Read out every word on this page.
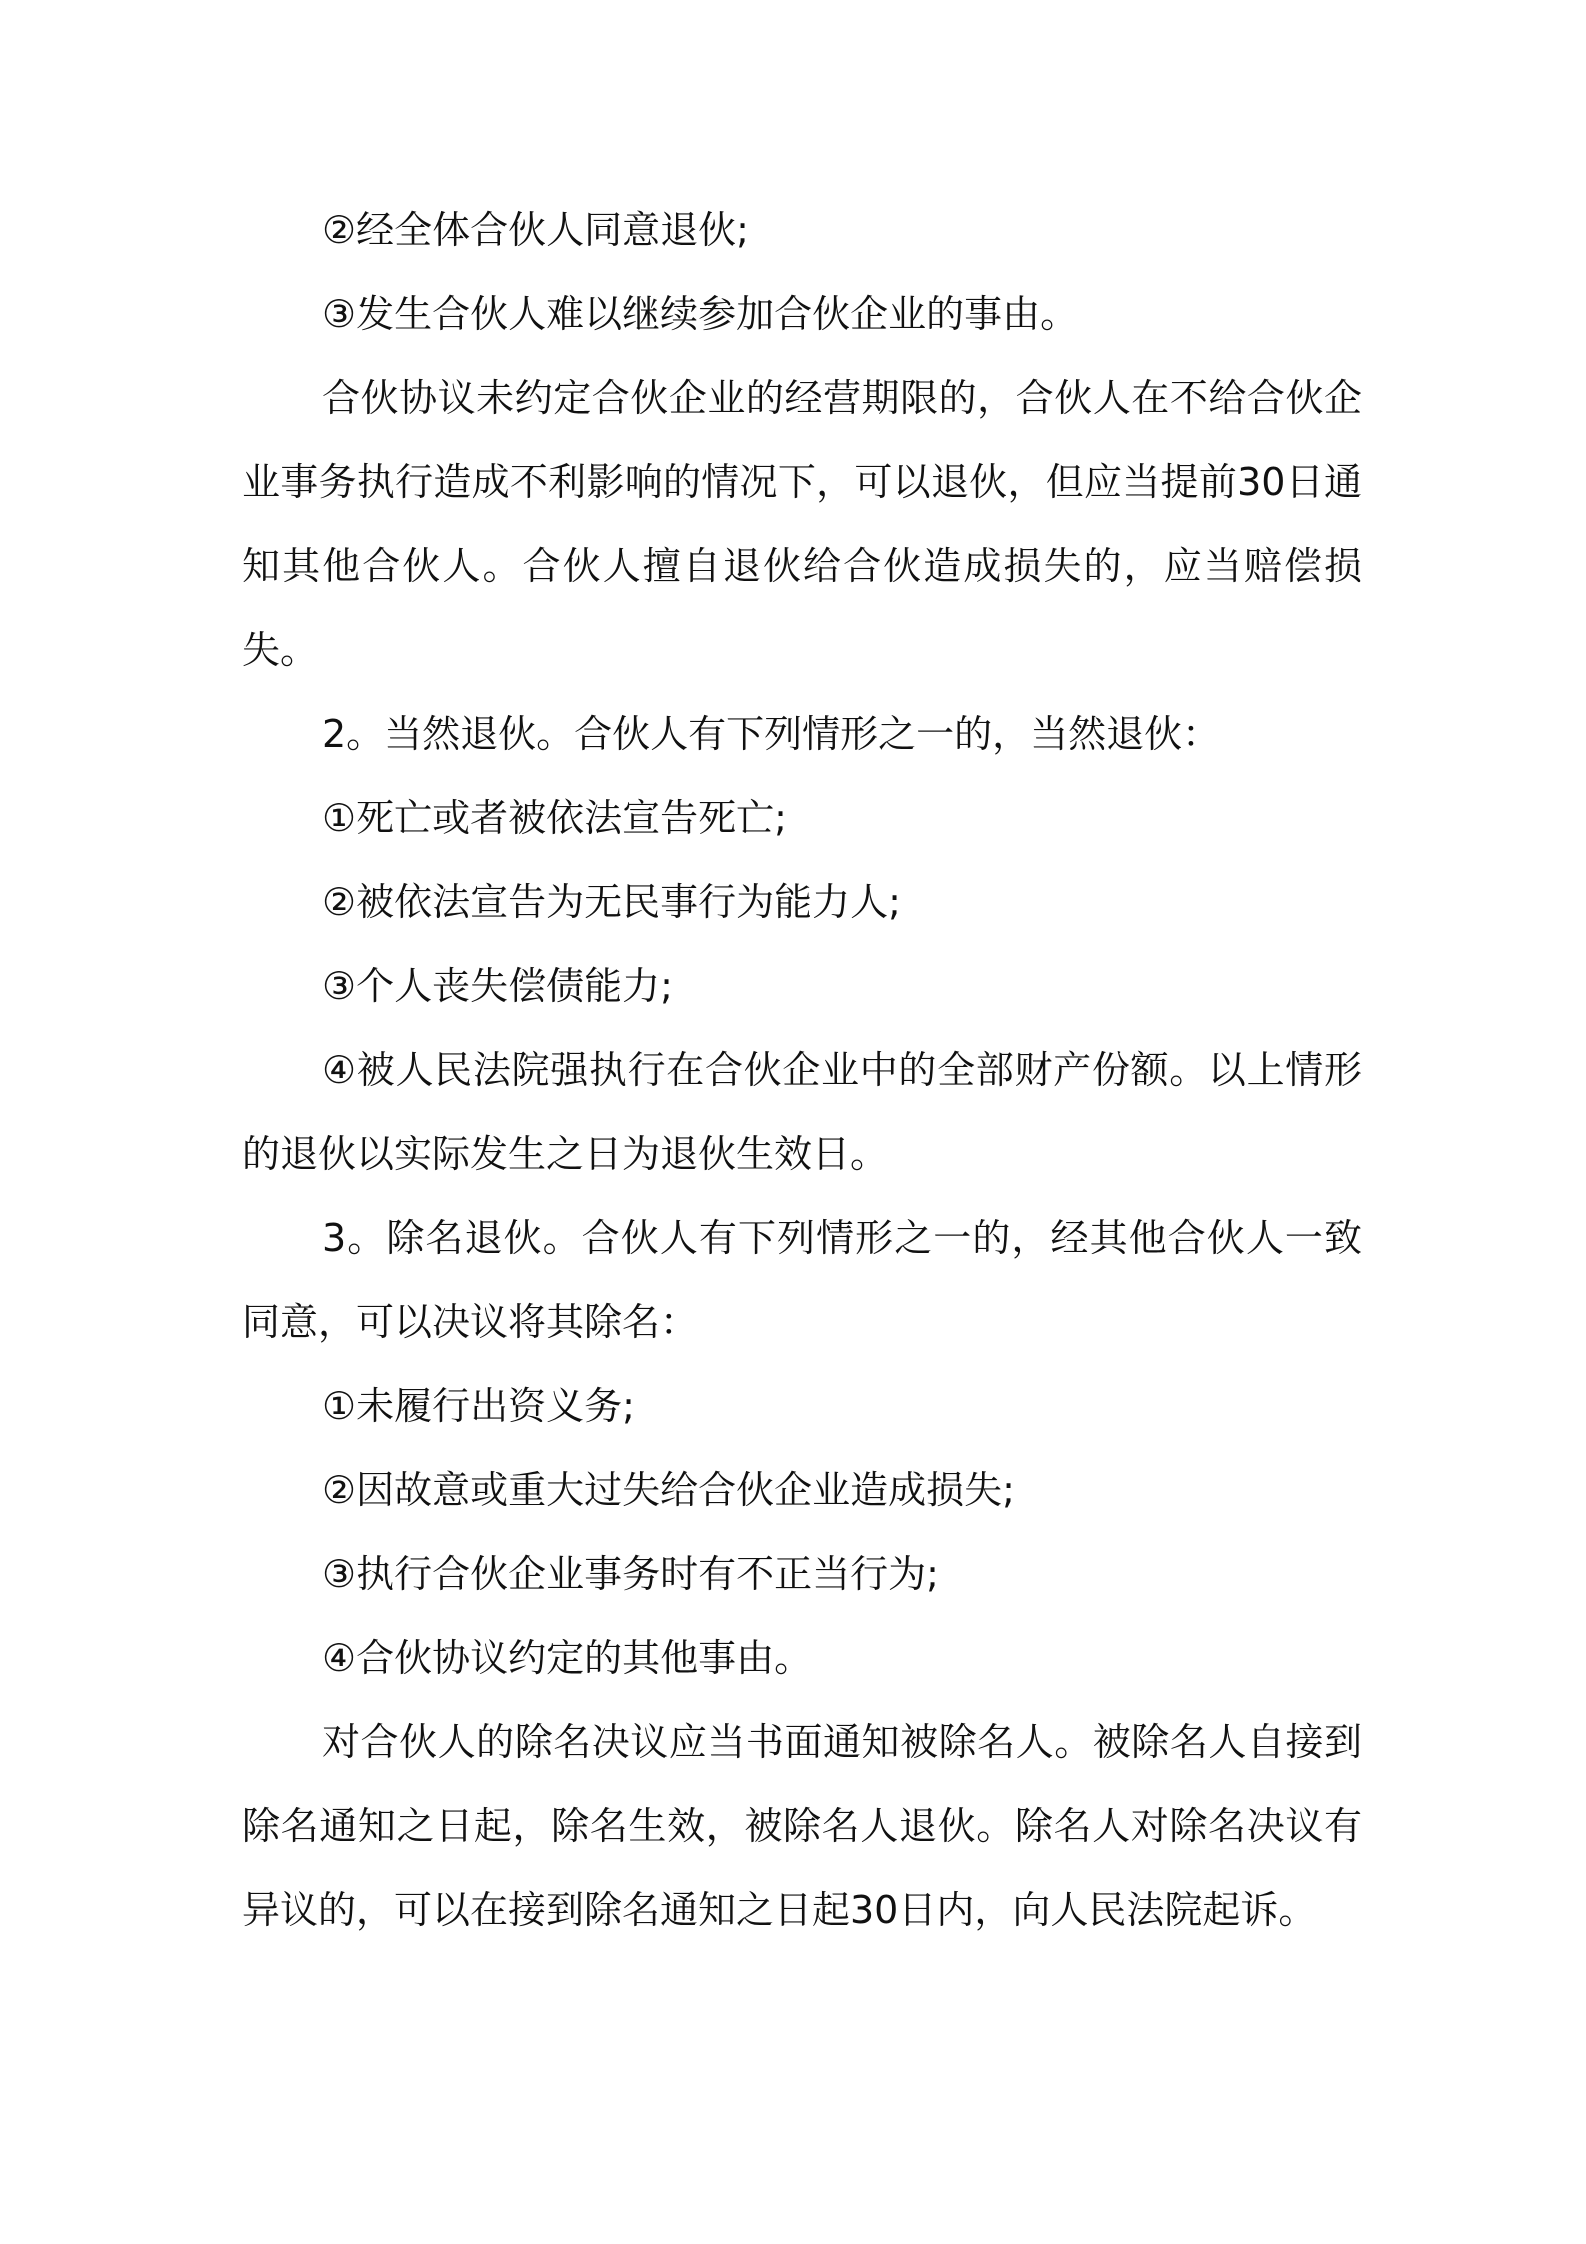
②经全体合伙人同意退伙;

③发生合伙人难以继续参加合伙企业的事由。

合伙协议未约定合伙企业的经营期限的，合伙人在不给合伙企业事务执行造成不利影响的情况下，可以退伙，但应当提前30日通知其他合伙人。合伙人擅自退伙给合伙造成损失的，应当赔偿损失。

2。当然退伙。合伙人有下列情形之一的，当然退伙：

①死亡或者被依法宣告死亡;

②被依法宣告为无民事行为能力人;

③个人丧失偿债能力;

④被人民法院强执行在合伙企业中的全部财产份额。以上情形的退伙以实际发生之日为退伙生效日。

3。除名退伙。合伙人有下列情形之一的，经其他合伙人一致同意，可以决议将其除名：

①未履行出资义务;

②因故意或重大过失给合伙企业造成损失;

③执行合伙企业事务时有不正当行为;

④合伙协议约定的其他事由。

对合伙人的除名决议应当书面通知被除名人。被除名人自接到除名通知之日起，除名生效，被除名人退伙。除名人对除名决议有异议的，可以在接到除名通知之日起30日内，向人民法院起诉。
